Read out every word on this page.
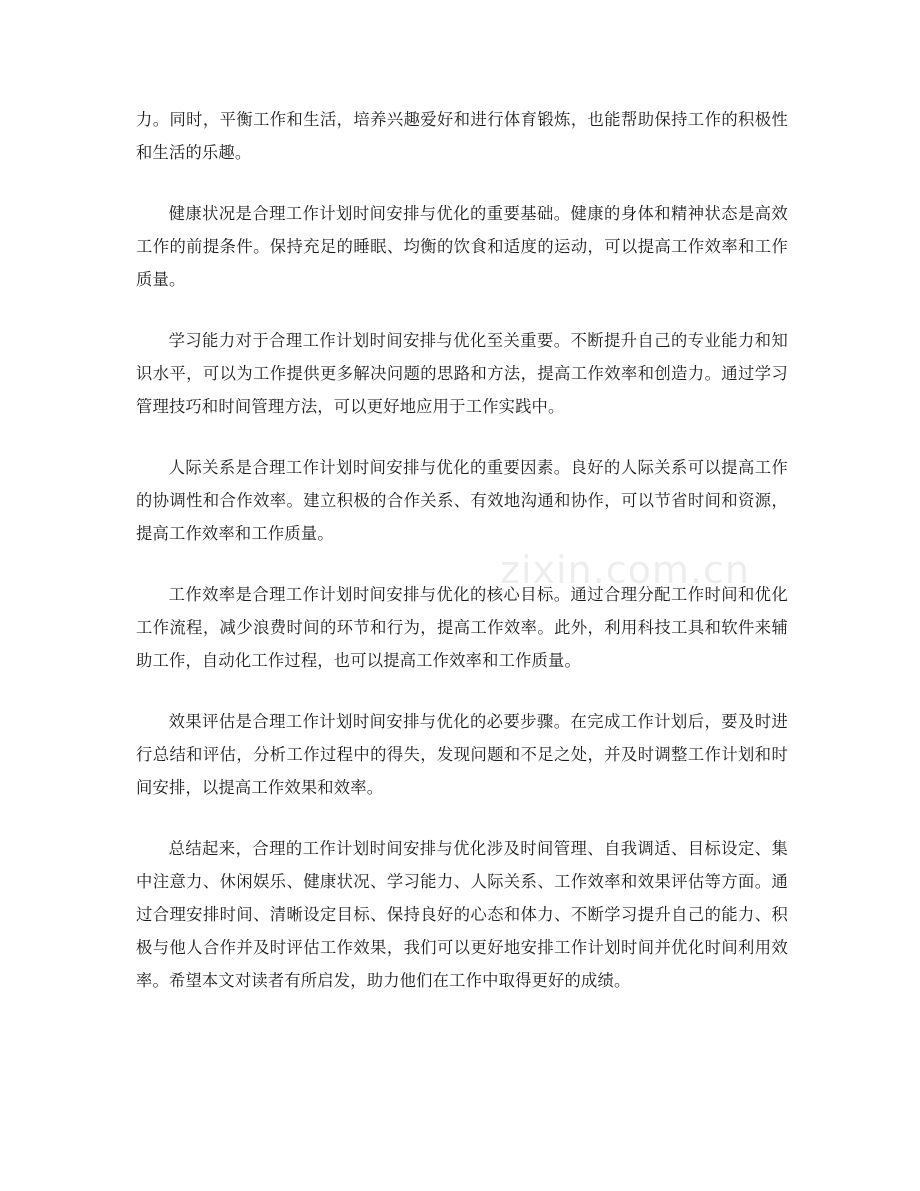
力。同时，平衡工作和生活，培养兴趣爱好和进行体育锻炼，也能帮助保持工作的积极性和生活的乐趣。

健康状况是合理工作计划时间安排与优化的重要基础。健康的身体和精神状态是高效工作的前提条件。保持充足的睡眠、均衡的饮食和适度的运动，可以提高工作效率和工作质量。

学习能力对于合理工作计划时间安排与优化至关重要。不断提升自己的专业能力和知识水平，可以为工作提供更多解决问题的思路和方法，提高工作效率和创造力。通过学习管理技巧和时间管理方法，可以更好地应用于工作实践中。

人际关系是合理工作计划时间安排与优化的重要因素。良好的人际关系可以提高工作的协调性和合作效率。建立积极的合作关系、有效地沟通和协作，可以节省时间和资源，提高工作效率和工作质量。

工作效率是合理工作计划时间安排与优化的核心目标。通过合理分配工作时间和优化工作流程，减少浪费时间的环节和行为，提高工作效率。此外，利用科技工具和软件来辅助工作，自动化工作过程，也可以提高工作效率和工作质量。

效果评估是合理工作计划时间安排与优化的必要步骤。在完成工作计划后，要及时进行总结和评估，分析工作过程中的得失，发现问题和不足之处，并及时调整工作计划和时间安排，以提高工作效果和效率。

总结起来，合理的工作计划时间安排与优化涉及时间管理、自我调适、目标设定、集中注意力、休闲娱乐、健康状况、学习能力、人际关系、工作效率和效果评估等方面。通过合理安排时间、清晰设定目标、保持良好的心态和体力、不断学习提升自己的能力、积极与他人合作并及时评估工作效果，我们可以更好地安排工作计划时间并优化时间利用效率。希望本文对读者有所启发，助力他们在工作中取得更好的成绩。

zixin.com.cn
